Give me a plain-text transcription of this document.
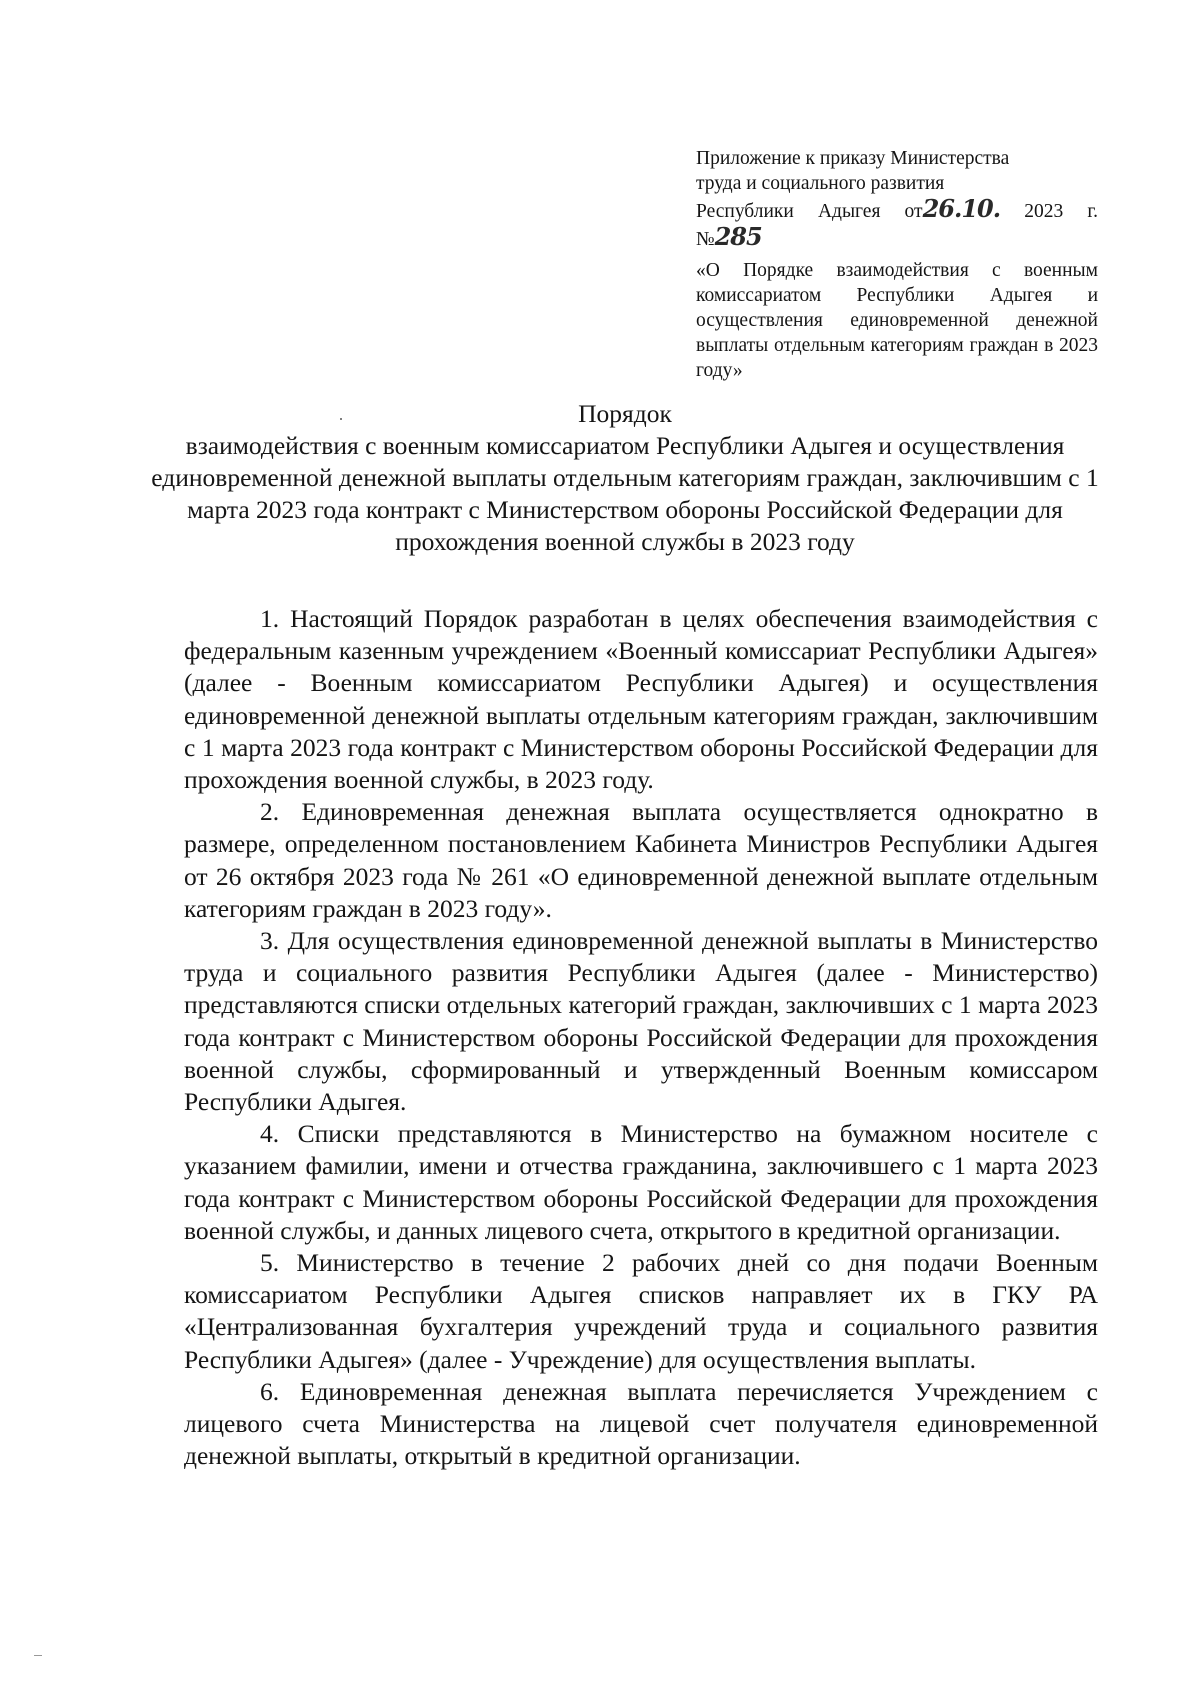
Приложение к приказу Министерства
труда и социального развития
Республики Адыгея от26.10. 2023 г.
№285
«О Порядке взаимодействия с военным комиссариатом Республики Адыгея и осуществления единовременной денежной выплаты отдельным категориям граждан в 2023 году»
Порядок
взаимодействия с военным комиссариатом Республики Адыгея и осуществления единовременной денежной выплаты отдельным категориям граждан, заключившим с 1 марта 2023 года контракт с Министерством обороны Российской Федерации для прохождения военной службы в 2023 году

1. Настоящий Порядок разработан в целях обеспечения взаимодействия с федеральным казенным учреждением «Военный комиссариат Республики Адыгея» (далее - Военным комиссариатом Республики Адыгея) и осуществления единовременной денежной выплаты отдельным категориям граждан, заключившим с 1 марта 2023 года контракт с Министерством обороны Российской Федерации для прохождения военной службы, в 2023 году.

2. Единовременная денежная выплата осуществляется однократно в размере, определенном постановлением Кабинета Министров Республики Адыгея от 26 октября 2023 года № 261 «О единовременной денежной выплате отдельным категориям граждан в 2023 году».

3. Для осуществления единовременной денежной выплаты в Министерство труда и социального развития Республики Адыгея (далее - Министерство) представляются списки отдельных категорий граждан, заключивших с 1 марта 2023 года контракт с Министерством обороны Российской Федерации для прохождения военной службы, сформированный и утвержденный Военным комиссаром Республики Адыгея.

4. Списки представляются в Министерство на бумажном носителе с указанием фамилии, имени и отчества гражданина, заключившего с 1 марта 2023 года контракт с Министерством обороны Российской Федерации для прохождения военной службы, и данных лицевого счета, открытого в кредитной организации.

5. Министерство в течение 2 рабочих дней со дня подачи Военным комиссариатом Республики Адыгея списков направляет их в ГКУ РА «Централизованная бухгалтерия учреждений труда и социального развития Республики Адыгея» (далее - Учреждение) для осуществления выплаты.

6. Единовременная денежная выплата перечисляется Учреждением с лицевого счета Министерства на лицевой счет получателя единовременной денежной выплаты, открытый в кредитной организации.
